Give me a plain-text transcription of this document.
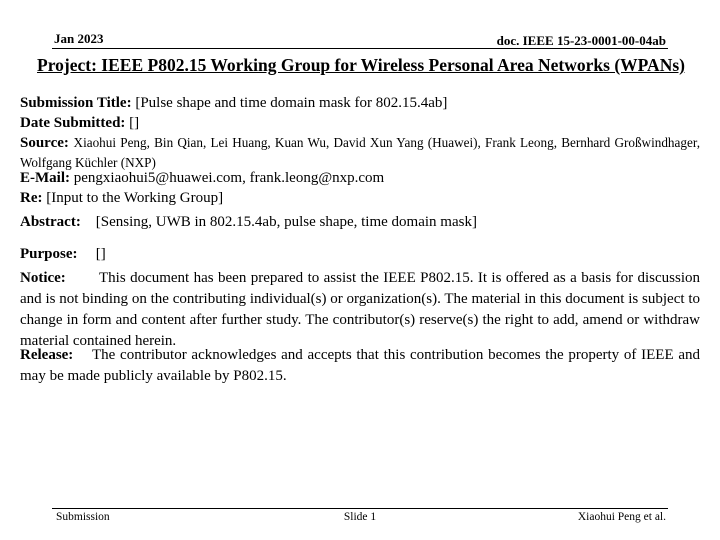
Jan 2023	doc. IEEE 15-23-0001-00-04ab
Project: IEEE P802.15 Working Group for Wireless Personal Area Networks (WPANs)
Submission Title: [Pulse shape and time domain mask for 802.15.4ab]
Date Submitted: []
Source: Xiaohui Peng, Bin Qian, Lei Huang, Kuan Wu, David Xun Yang (Huawei), Frank Leong, Bernhard Großwindhager, Wolfgang Küchler (NXP)
E-Mail: pengxiaohui5@huawei.com, frank.leong@nxp.com
Re: [Input to the Working Group]
Abstract: [Sensing, UWB in 802.15.4ab, pulse shape, time domain mask]
Purpose: []
Notice: This document has been prepared to assist the IEEE P802.15. It is offered as a basis for discussion and is not binding on the contributing individual(s) or organization(s). The material in this document is subject to change in form and content after further study. The contributor(s) reserve(s) the right to add, amend or withdraw material contained herein.
Release: The contributor acknowledges and accepts that this contribution becomes the property of IEEE and may be made publicly available by P802.15.
Submission	Slide 1	Xiaohui Peng et al.
